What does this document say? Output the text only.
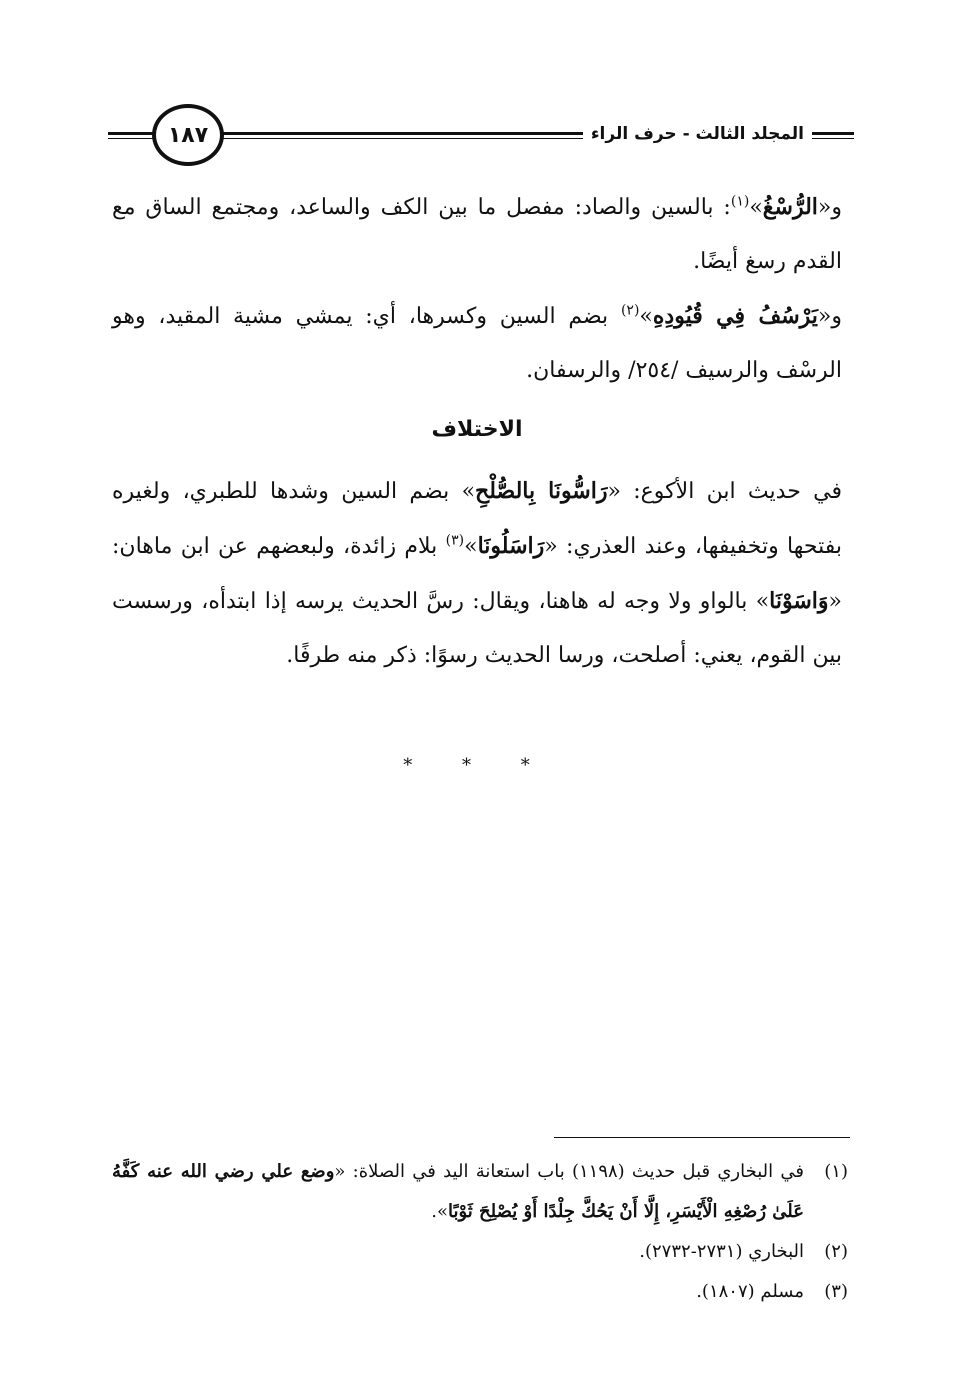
المجلد الثالث - حرف الراء
١٨٧

و«الرُّسْغُ»$^{(١)}$: بالسين والصاد: مفصل ما بين الكف والساعد، ومجتمع الساق مع القدم رسغ أيضًا.

و«يَرْسُفُ فِي قُيُودِهِ»$^{(٢)}$ بضم السين وكسرها، أي: يمشي مشية المقيد، وهو الرسْف والرسيف /٢٥٤/ والرسفان.

الاختلاف

في حديث ابن الأكوع: «رَاسُّونَا بِالصُّلْحِ» بضم السين وشدها للطبري، ولغيره بفتحها وتخفيفها، وعند العذري: «رَاسَلُونَا»$^{(٣)}$ بلام زائدة، ولبعضهم عن ابن ماهان: «وَاسَوْنَا» بالواو ولا وجه له هاهنا، ويقال: رسَّ الحديث يرسه إذا ابتدأه، ورسست بين القوم، يعني: أصلحت، ورسا الحديث رسوًا: ذكر منه طرفًا.

* * *
(١)
في البخاري قبل حديث (١١٩٨) باب استعانة اليد في الصلاة: «وضع علي رضي الله عنه كَفَّهُ عَلَىٰ رُصْغِهِ الْأَيْسَرِ، إِلَّا أَنْ يَحُكَّ جِلْدًا أَوْ يُصْلِحَ ثَوْبًا».
(٢)
البخاري (٢٧٣١-٢٧٣٢).
(٣)
مسلم (١٨٠٧).
